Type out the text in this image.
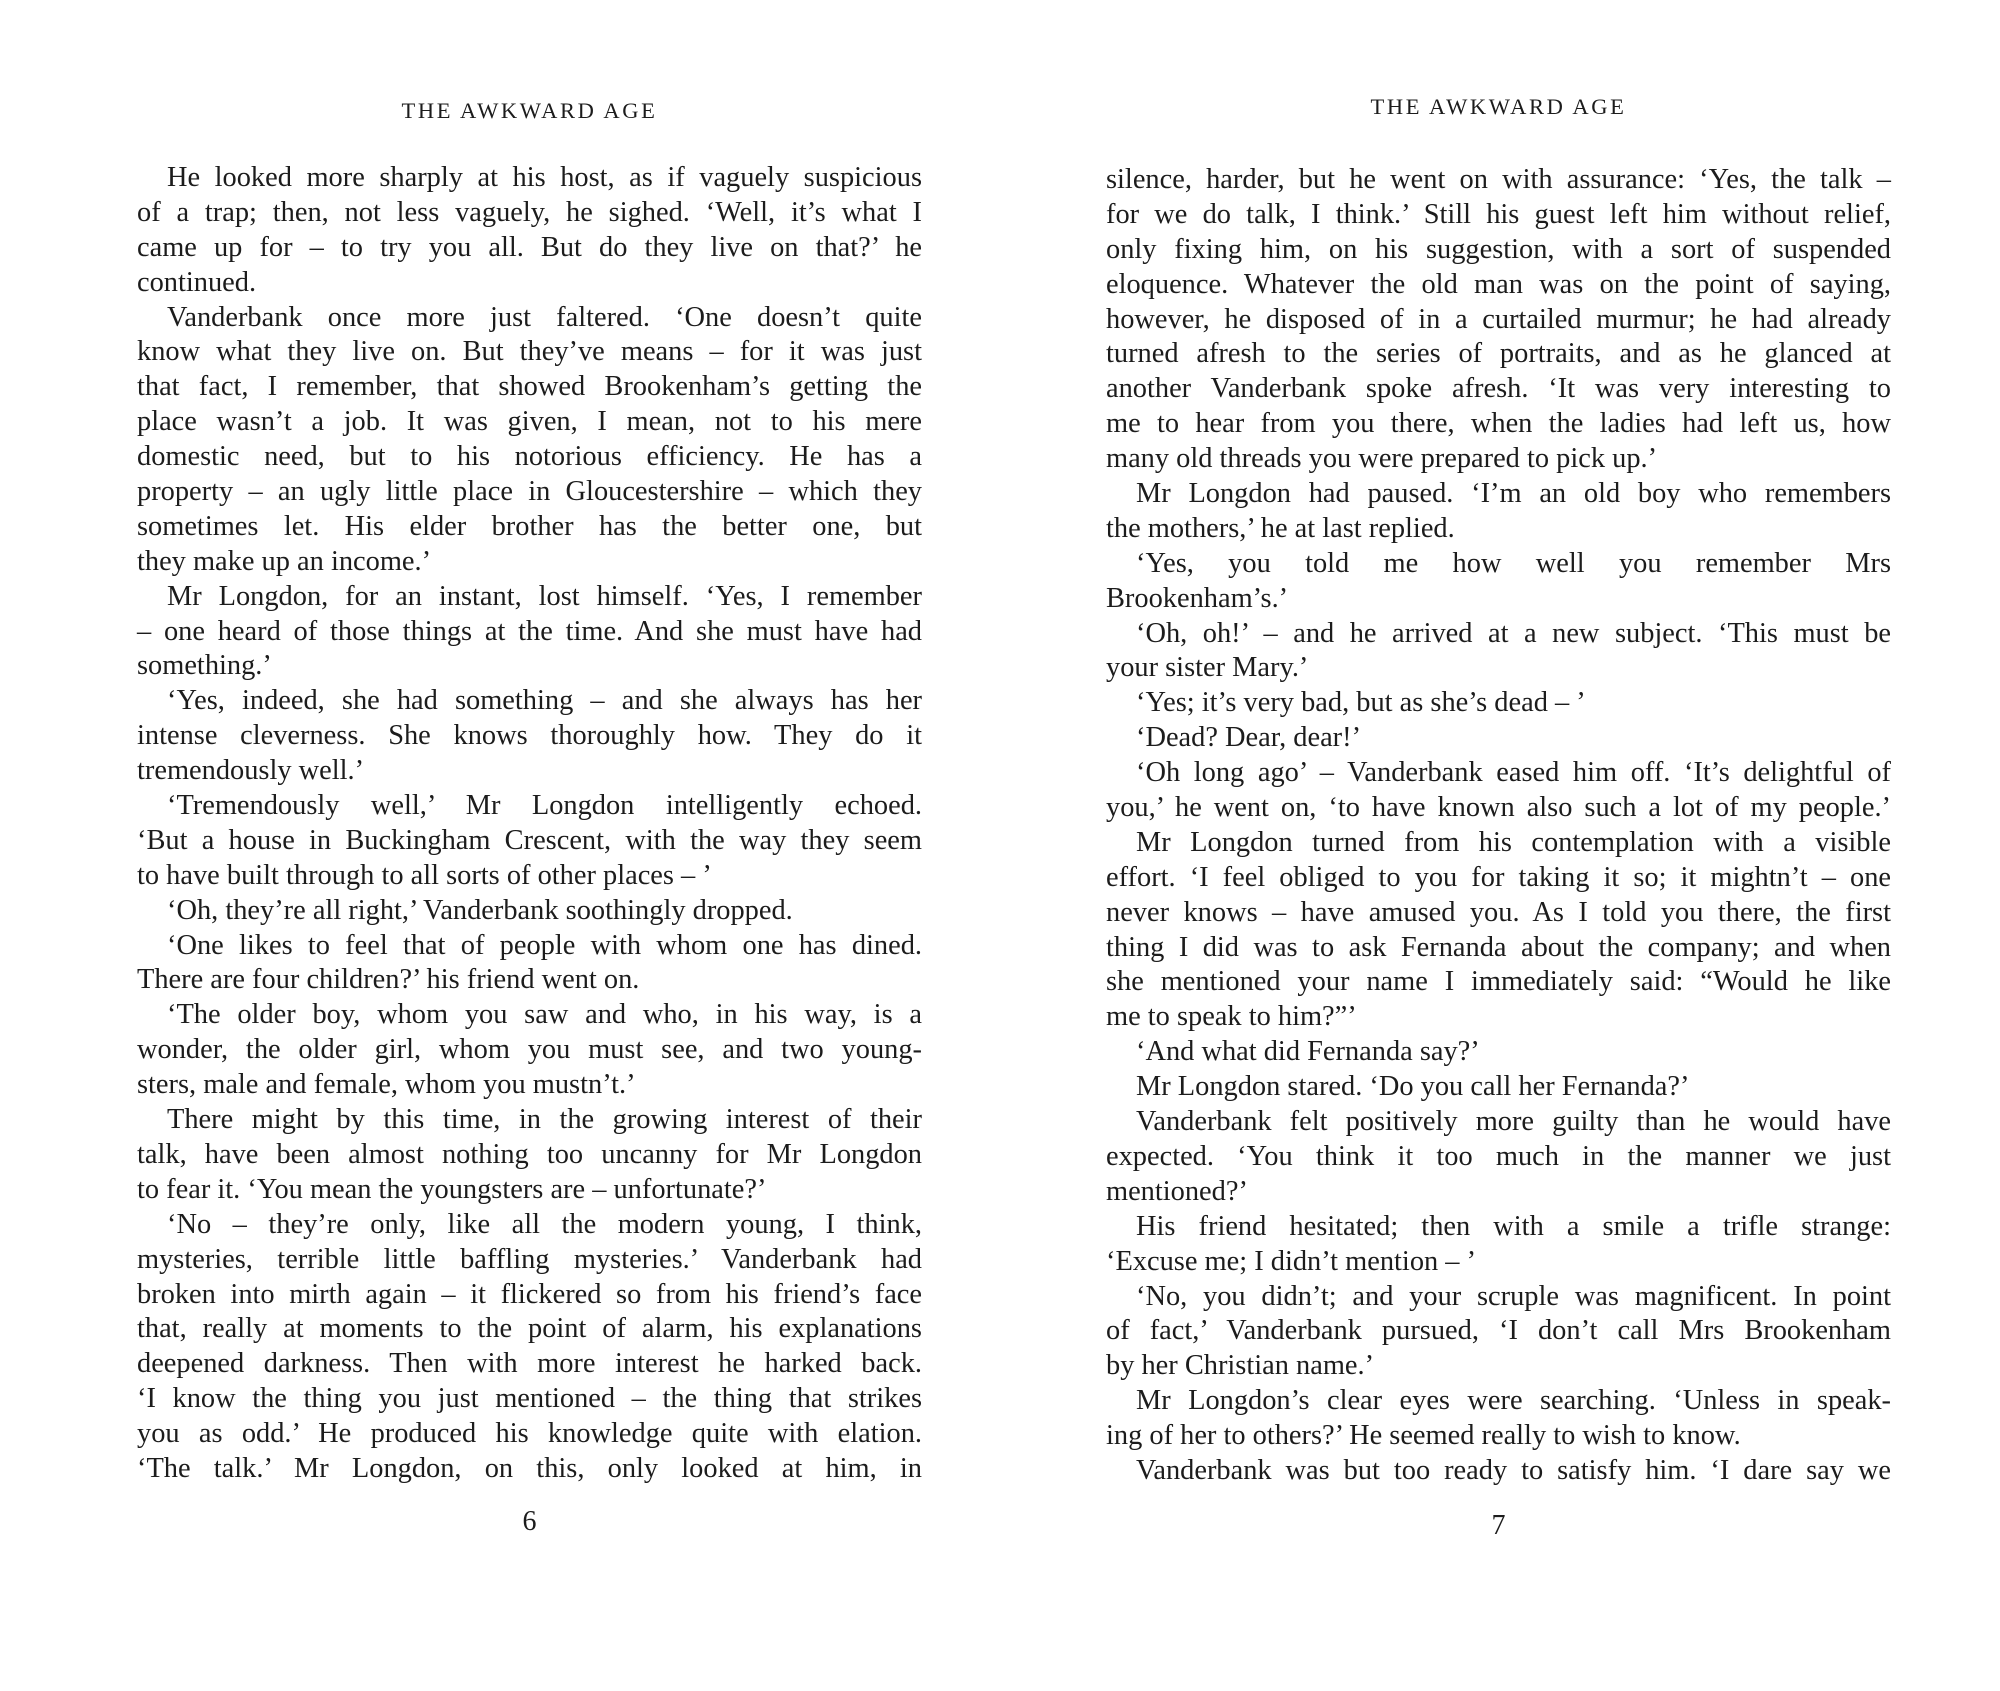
THE AWKWARD AGE
He looked more sharply at his host, as if vaguely suspicious
of a trap; then, not less vaguely, he sighed. ‘Well, it’s what I
came up for – to try you all. But do they live on that?’ he
continued.
Vanderbank once more just faltered. ‘One doesn’t quite
know what they live on. But they’ve means – for it was just
that fact, I remember, that showed Brookenham’s getting the
place wasn’t a job. It was given, I mean, not to his mere
domestic need, but to his notorious efficiency. He has a
property – an ugly little place in Gloucestershire – which they
sometimes let. His elder brother has the better one, but
they make up an income.’
Mr Longdon, for an instant, lost himself. ‘Yes, I remember
– one heard of those things at the time. And she must have had
something.’
‘Yes, indeed, she had something – and she always has her
intense cleverness. She knows thoroughly how. They do it
tremendously well.’
‘Tremendously well,’ Mr Longdon intelligently echoed.
‘But a house in Buckingham Crescent, with the way they seem
to have built through to all sorts of other places – ’
‘Oh, they’re all right,’ Vanderbank soothingly dropped.
‘One likes to feel that of people with whom one has dined.
There are four children?’ his friend went on.
‘The older boy, whom you saw and who, in his way, is a
wonder, the older girl, whom you must see, and two young-
sters, male and female, whom you mustn’t.’
There might by this time, in the growing interest of their
talk, have been almost nothing too uncanny for Mr Longdon
to fear it. ‘You mean the youngsters are – unfortunate?’
‘No – they’re only, like all the modern young, I think,
mysteries, terrible little baffling mysteries.’ Vanderbank had
broken into mirth again – it flickered so from his friend’s face
that, really at moments to the point of alarm, his explanations
deepened darkness. Then with more interest he harked back.
‘I know the thing you just mentioned – the thing that strikes
you as odd.’ He produced his knowledge quite with elation.
‘The talk.’ Mr Longdon, on this, only looked at him, in
6
THE AWKWARD AGE
silence, harder, but he went on with assurance: ‘Yes, the talk –
for we do talk, I think.’ Still his guest left him without relief,
only fixing him, on his suggestion, with a sort of suspended
eloquence. Whatever the old man was on the point of saying,
however, he disposed of in a curtailed murmur; he had already
turned afresh to the series of portraits, and as he glanced at
another Vanderbank spoke afresh. ‘It was very interesting to
me to hear from you there, when the ladies had left us, how
many old threads you were prepared to pick up.’
Mr Longdon had paused. ‘I’m an old boy who remembers
the mothers,’ he at last replied.
‘Yes, you told me how well you remember Mrs
Brookenham’s.’
‘Oh, oh!’ – and he arrived at a new subject. ‘This must be
your sister Mary.’
‘Yes; it’s very bad, but as she’s dead – ’
‘Dead? Dear, dear!’
‘Oh long ago’ – Vanderbank eased him off. ‘It’s delightful of
you,’ he went on, ‘to have known also such a lot of my people.’
Mr Longdon turned from his contemplation with a visible
effort. ‘I feel obliged to you for taking it so; it mightn’t – one
never knows – have amused you. As I told you there, the first
thing I did was to ask Fernanda about the company; and when
she mentioned your name I immediately said: “Would he like
me to speak to him?”’
‘And what did Fernanda say?’
Mr Longdon stared. ‘Do you call her Fernanda?’
Vanderbank felt positively more guilty than he would have
expected. ‘You think it too much in the manner we just
mentioned?’
His friend hesitated; then with a smile a trifle strange:
‘Excuse me; I didn’t mention – ’
‘No, you didn’t; and your scruple was magnificent. In point
of fact,’ Vanderbank pursued, ‘I don’t call Mrs Brookenham
by her Christian name.’
Mr Longdon’s clear eyes were searching. ‘Unless in speak-
ing of her to others?’ He seemed really to wish to know.
Vanderbank was but too ready to satisfy him. ‘I dare say we
7
